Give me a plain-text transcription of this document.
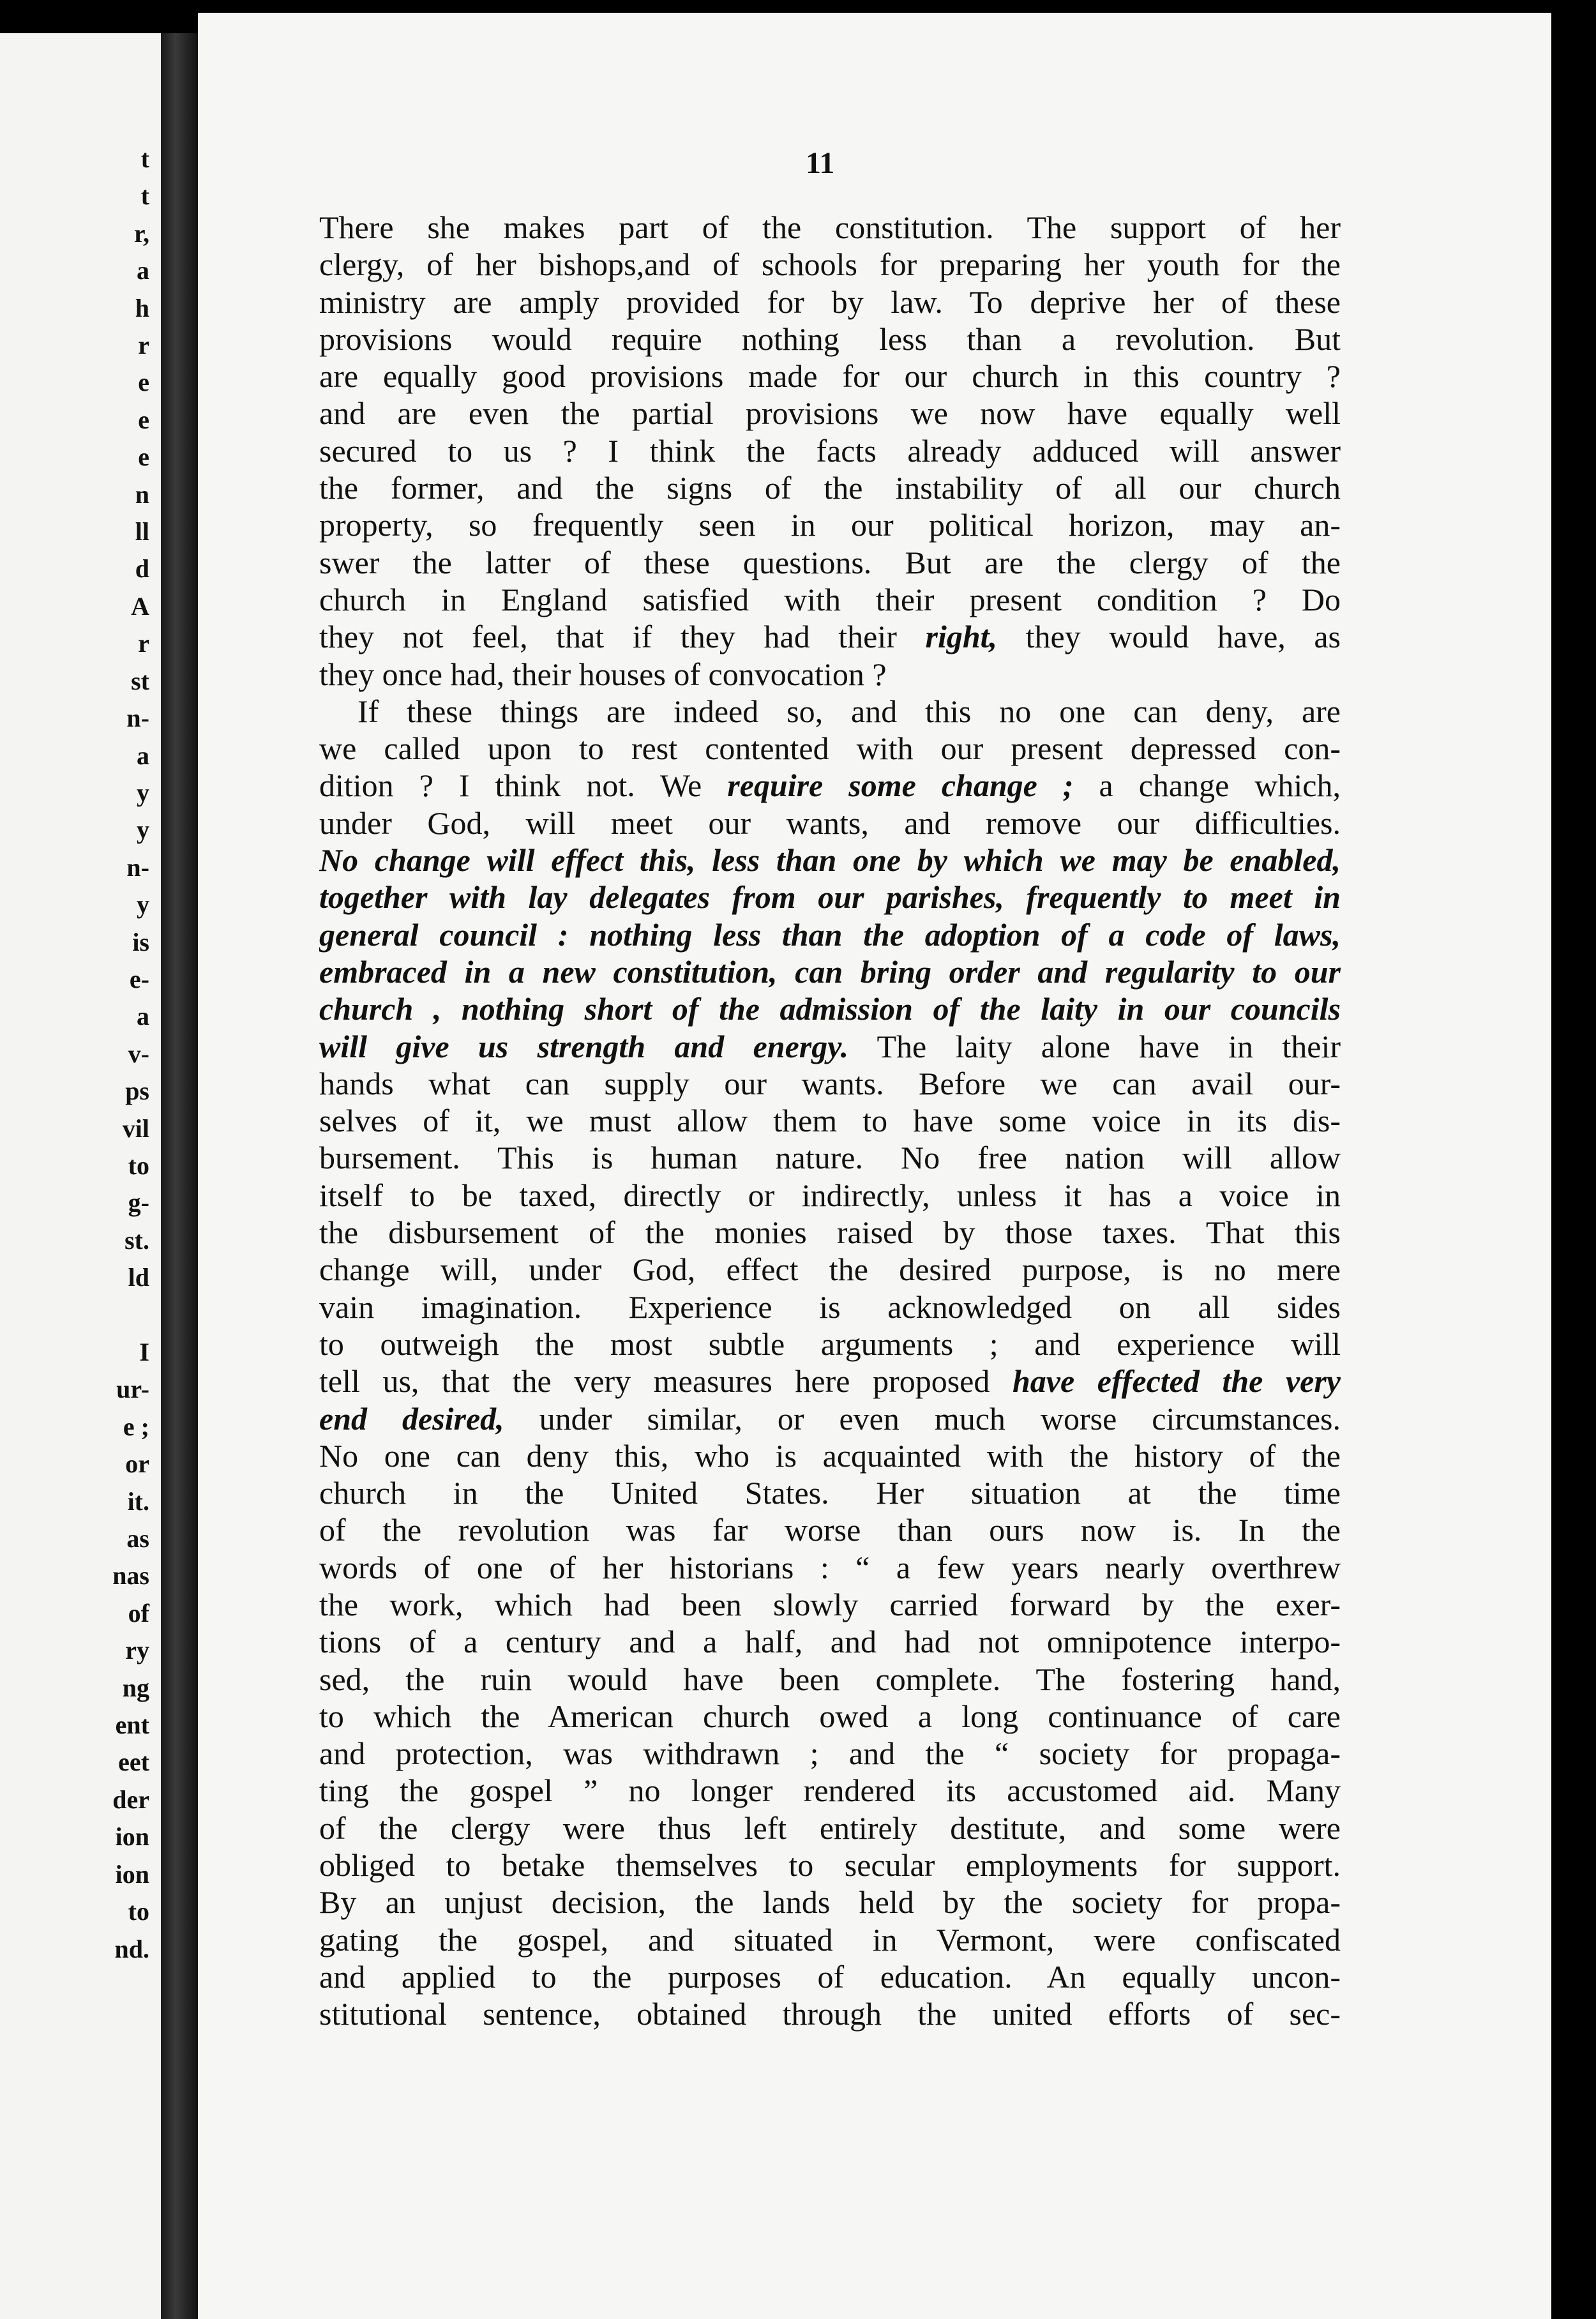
t
t
r,
a
h
r
e
e
e
n
ll
d
A
r
st
n-
a
y
y
n-
y
is
e-
a
v-
ps
vil
to
g-
st.
ld

I
ur-
e ;
or
it.
as
nas
of
ry
ng
ent
eet
der
ion
ion
to
nd.
11
There she makes part of the constitution. The support of her
clergy, of her bishops,and of schools for preparing her youth for the
ministry are amply provided for by law. To deprive her of these
provisions would require nothing less than a revolution. But
are equally good provisions made for our church in this country ?
and are even the partial provisions we now have equally well
secured to us ? I think the facts already adduced will answer
the former, and the signs of the instability of all our church
property, so frequently seen in our political horizon, may an-
swer the latter of these questions. But are the clergy of the
church in England satisfied with their present condition ? Do
they not feel, that if they had their right, they would have, as
they once had, their houses of convocation ?
If these things are indeed so, and this no one can deny, are
we called upon to rest contented with our present depressed con-
dition ? I think not. We require some change ; a change which,
under God, will meet our wants, and remove our difficulties.
No change will effect this, less than one by which we may be enabled,
together with lay delegates from our parishes, frequently to meet in
general council : nothing less than the adoption of a code of laws,
embraced in a new constitution, can bring order and regularity to our
church , nothing short of the admission of the laity in our councils
will give us strength and energy. The laity alone have in their
hands what can supply our wants. Before we can avail our-
selves of it, we must allow them to have some voice in its dis-
bursement. This is human nature. No free nation will allow
itself to be taxed, directly or indirectly, unless it has a voice in
the disbursement of the monies raised by those taxes. That this
change will, under God, effect the desired purpose, is no mere
vain imagination. Experience is acknowledged on all sides
to outweigh the most subtle arguments ; and experience will
tell us, that the very measures here proposed have effected the very
end desired, under similar, or even much worse circumstances.
No one can deny this, who is acquainted with the history of the
church in the United States. Her situation at the time
of the revolution was far worse than ours now is. In the
words of one of her historians : “ a few years nearly overthrew
the work, which had been slowly carried forward by the exer-
tions of a century and a half, and had not omnipotence interpo-
sed, the ruin would have been complete. The fostering hand,
to which the American church owed a long continuance of care
and protection, was withdrawn ; and the “ society for propaga-
ting the gospel ” no longer rendered its accustomed aid. Many
of the clergy were thus left entirely destitute, and some were
obliged to betake themselves to secular employments for support.
By an unjust decision, the lands held by the society for propa-
gating the gospel, and situated in Vermont, were confiscated
and applied to the purposes of education. An equally uncon-
stitutional sentence, obtained through the united efforts of sec-
